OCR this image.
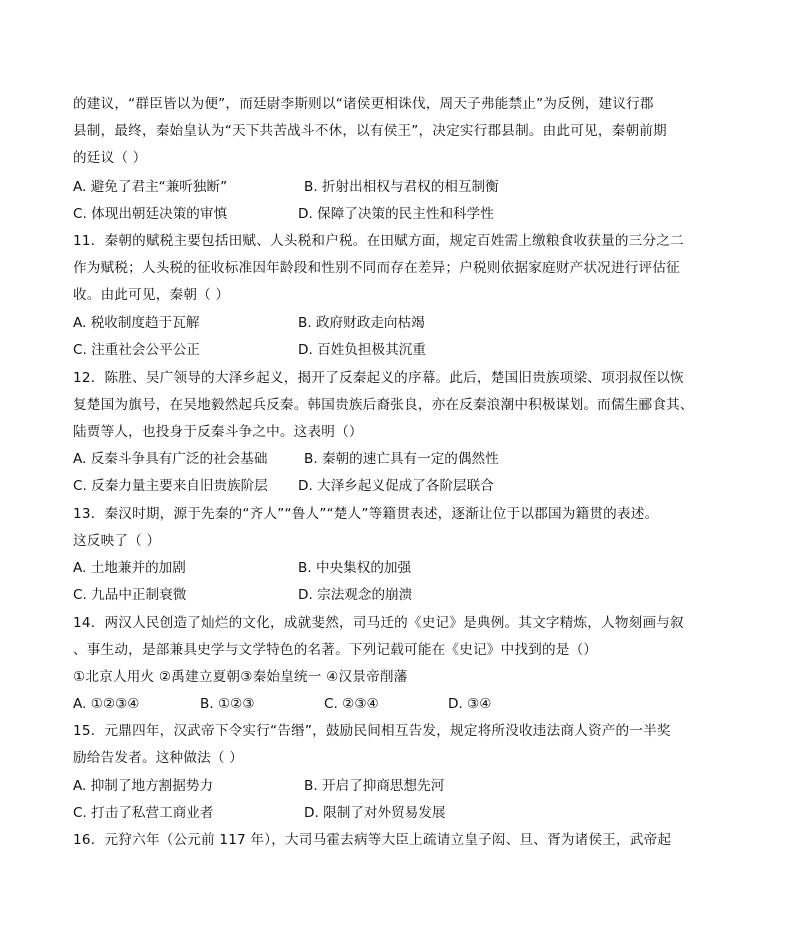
的建议，“群臣皆以为便”，而廷尉李斯则以“诸侯更相诛伐，周天子弗能禁止”为反例，建议行郡
县制，最终，秦始皇认为“天下共苦战斗不休，以有侯王”，决定实行郡县制。由此可见，秦朝前期
的廷议（ ）
A. 避免了君主“兼听独断”	B. 折射出相权与君权的相互制衡
C. 体现出朝廷决策的审慎	D. 保障了决策的民主性和科学性
11．秦朝的赋税主要包括田赋、人头税和户税。在田赋方面，规定百姓需上缴粮食收获量的三分之二
作为赋税；人头税的征收标准因年龄段和性别不同而存在差异；户税则依据家庭财产状况进行评估征
收。由此可见，秦朝（ ）
A. 税收制度趋于瓦解	B. 政府财政走向枯竭
C. 注重社会公平公正	D. 百姓负担极其沉重
12．陈胜、吴广领导的大泽乡起义，揭开了反秦起义的序幕。此后，楚国旧贵族项梁、项羽叔侄以恢
复楚国为旗号，在吴地毅然起兵反秦。韩国贵族后裔张良，亦在反秦浪潮中积极谋划。而儒生郦食其、
陆贾等人，也投身于反秦斗争之中。这表明（）
A. 反秦斗争具有广泛的社会基础	B. 秦朝的速亡具有一定的偶然性
C. 反秦力量主要来自旧贵族阶层 D. 大泽乡起义促成了各阶层联合
13．秦汉时期，源于先秦的“齐人”“鲁人”“楚人”等籍贯表述，逐渐让位于以郡国为籍贯的表述。
这反映了（ ）
A. 土地兼并的加剧	B. 中央集权的加强
C. 九品中正制衰微	D. 宗法观念的崩溃
14．两汉人民创造了灿烂的文化，成就斐然，司马迁的《史记》是典例。其文字精炼，人物刻画与叙
、事生动，是部兼具史学与文学特色的名著。下列记载可能在《史记》中找到的是（）
①北京人用火 ②禹建立夏朝③秦始皇统一 ④汉景帝削藩
A. ①②③④	B. ①②③	C. ②③④	D. ③④
15．元鼎四年，汉武帝下令实行“告缗”，鼓励民间相互告发，规定将所没收违法商人资产的一半奖
励给告发者。这种做法（ ）
A. 抑制了地方割据势力	B. 开启了抑商思想先河
C. 打击了私营工商业者	D. 限制了对外贸易发展
16．元狩六年（公元前 117 年），大司马霍去病等大臣上疏请立皇子闳、旦、胥为诸侯王，武帝起
